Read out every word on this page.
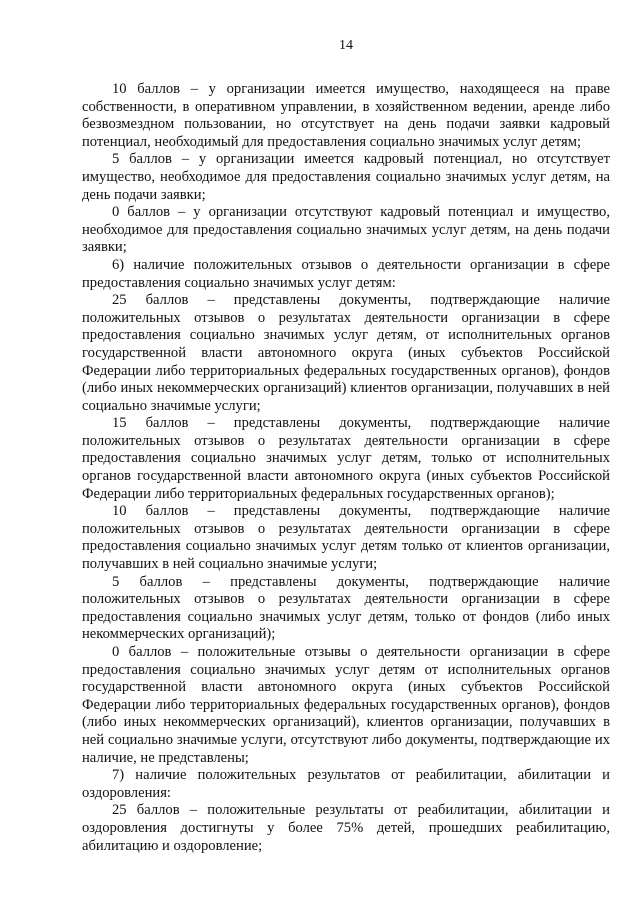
14

10 баллов – у организации имеется имущество, находящееся на праве собственности, в оперативном управлении, в хозяйственном ведении, аренде либо безвозмездном пользовании, но отсутствует на день подачи заявки кадровый потенциал, необходимый для предоставления социально значимых услуг детям;

5 баллов – у организации имеется кадровый потенциал, но отсутствует имущество, необходимое для предоставления социально значимых услуг детям, на день подачи заявки;

0 баллов – у организации отсутствуют кадровый потенциал и имущество, необходимое для предоставления социально значимых услуг детям, на день подачи заявки;

6) наличие положительных отзывов о деятельности организации в сфере предоставления социально значимых услуг детям:

25 баллов – представлены документы, подтверждающие наличие положительных отзывов о результатах деятельности организации в сфере предоставления социально значимых услуг детям, от исполнительных органов государственной власти автономного округа (иных субъектов Российской Федерации либо территориальных федеральных государственных органов), фондов (либо иных некоммерческих организаций) клиентов организации, получавших в ней социально значимые услуги;

15 баллов – представлены документы, подтверждающие наличие положительных отзывов о результатах деятельности организации в сфере предоставления социально значимых услуг детям, только от исполнительных органов государственной власти автономного округа (иных субъектов Российской Федерации либо территориальных федеральных государственных органов);

10 баллов – представлены документы, подтверждающие наличие положительных отзывов о результатах деятельности организации в сфере предоставления социально значимых услуг детям только от клиентов организации, получавших в ней социально значимые услуги;

5 баллов – представлены документы, подтверждающие наличие положительных отзывов о результатах деятельности организации в сфере предоставления социально значимых услуг детям, только от фондов (либо иных некоммерческих организаций);

0 баллов – положительные отзывы о деятельности организации в сфере предоставления социально значимых услуг детям от исполнительных органов государственной власти автономного округа (иных субъектов Российской Федерации либо территориальных федеральных государственных органов), фондов (либо иных некоммерческих организаций), клиентов организации, получавших в ней социально значимые услуги, отсутствуют либо документы, подтверждающие их наличие, не представлены;

7) наличие положительных результатов от реабилитации, абилитации и оздоровления:

25 баллов – положительные результаты от реабилитации, абилитации и оздоровления достигнуты у более 75% детей, прошедших реабилитацию, абилитацию и оздоровление;
